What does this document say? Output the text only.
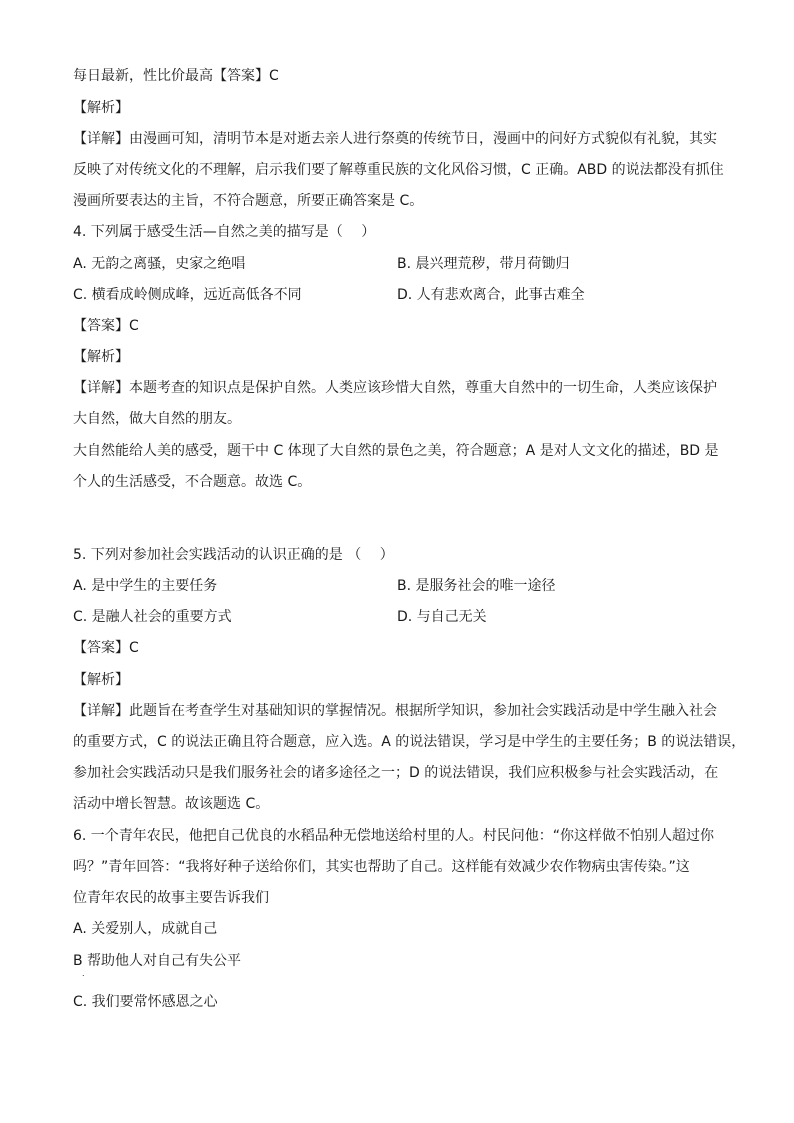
每日最新，性比价最高【答案】C
【解析】
【详解】由漫画可知，清明节本是对逝去亲人进行祭奠的传统节日，漫画中的问好方式貌似有礼貌，其实
反映了对传统文化的不理解，启示我们要了解尊重民族的文化风俗习惯，C 正确。ABD 的说法都没有抓住
漫画所要表达的主旨，不符合题意，所要正确答案是 C。
4. 下列属于感受生活—自然之美的描写是（　 ）
A. 无韵之离骚，史家之绝唱	B. 晨兴理荒秽，带月荷锄归
C. 横看成岭侧成峰，远近高低各不同	D. 人有悲欢离合，此事古难全
【答案】C
【解析】
【详解】本题考查的知识点是保护自然。人类应该珍惜大自然，尊重大自然中的一切生命，人类应该保护
大自然，做大自然的朋友。
大自然能给人美的感受，题干中 C 体现了大自然的景色之美，符合题意；A 是对人文文化的描述，BD 是
个人的生活感受，不合题意。故选 C。
5. 下列对参加社会实践活动的认识正确的是 （　 ）
A. 是中学生的主要任务	B. 是服务社会的唯一途径
C. 是融人社会的重要方式	D. 与自己无关
【答案】C
【解析】
【详解】此题旨在考查学生对基础知识的掌握情况。根据所学知识，参加社会实践活动是中学生融入社会
的重要方式，C 的说法正确且符合题意，应入选。A 的说法错误，学习是中学生的主要任务；B 的说法错误，
参加社会实践活动只是我们服务社会的诸多途径之一；D 的说法错误，我们应积极参与社会实践活动，在
活动中增长智慧。故该题选 C。
6. 一个青年农民，他把自己优良的水稻品种无偿地送给村里的人。村民问他：“你这样做不怕别人超过你
吗？”青年回答：“我将好种子送给你们，其实也帮助了自己。这样能有效减少农作物病虫害传染。”这
位青年农民的故事主要告诉我们
A. 关爱别人，成就自己
B 帮助他人对自己有失公平
.
C. 我们要常怀感恩之心
